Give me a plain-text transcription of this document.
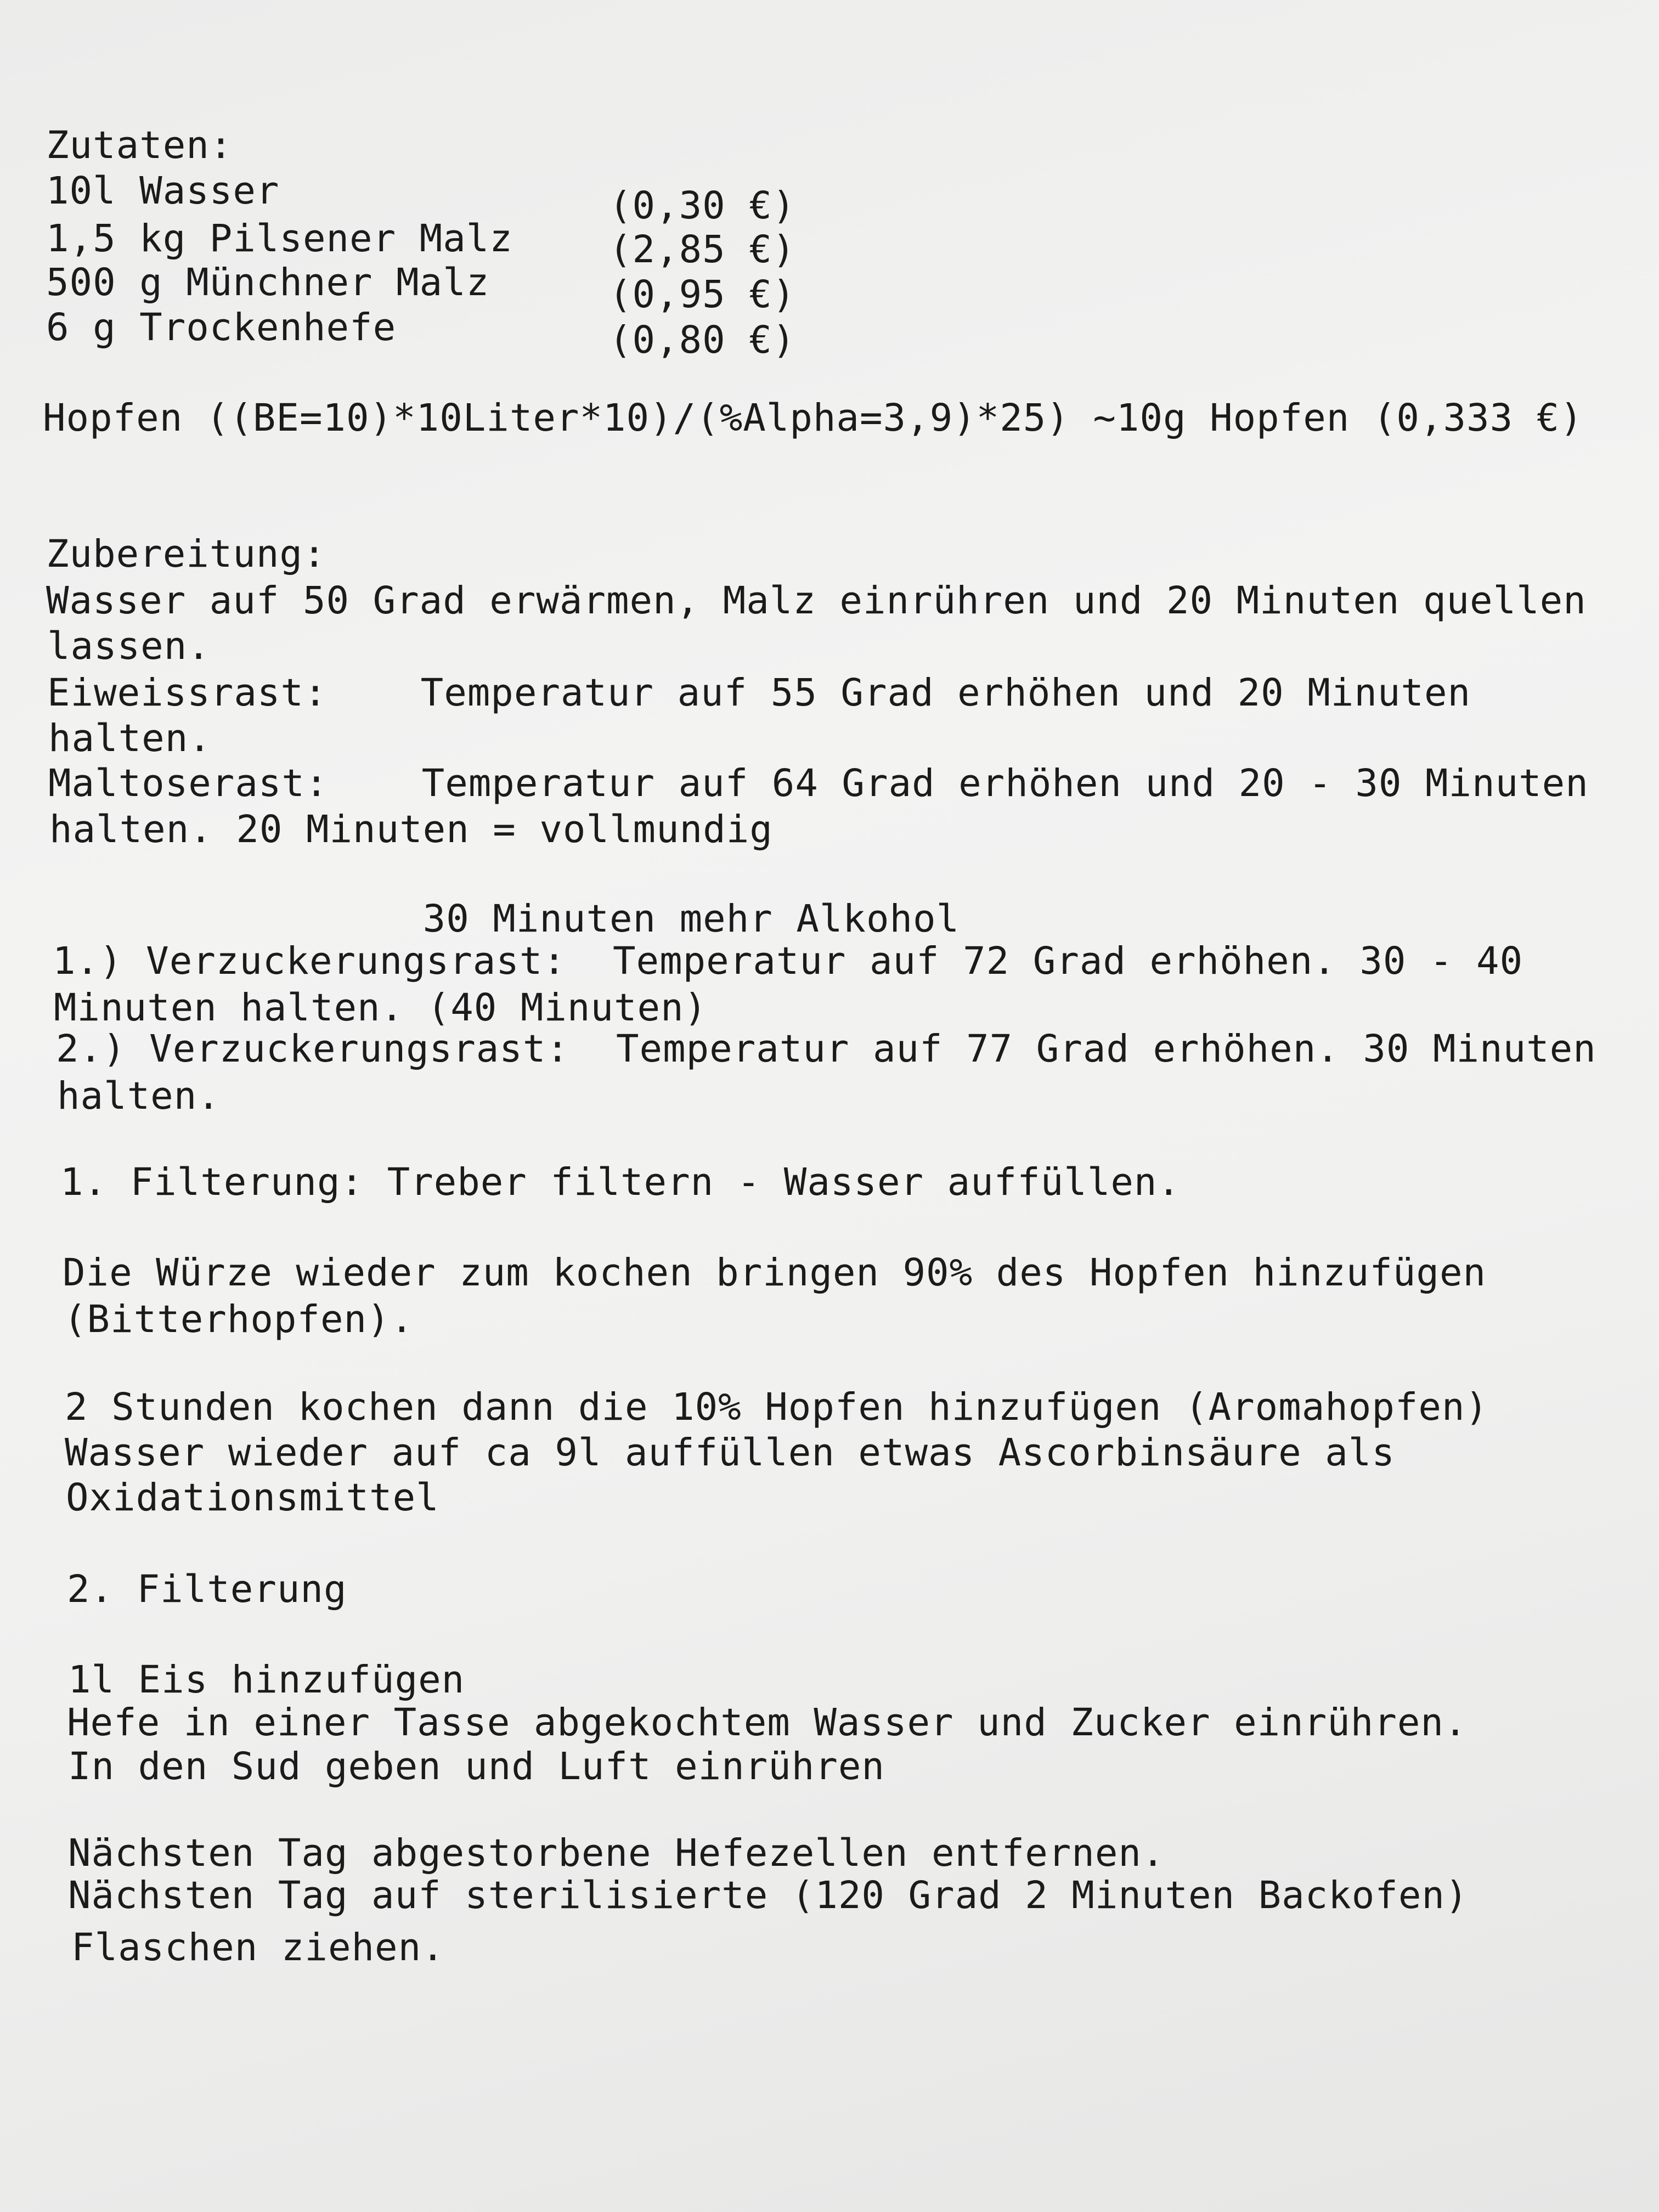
Zutaten:
10l Wasser	(0,30 €)
1,5 kg Pilsener Malz	(2,85 €)
500 g Münchner Malz	(0,95 €)
6 g Trockenhefe	(0,80 €)
Hopfen ((BE=10)*10Liter*10)/(%Alpha=3,9)*25) ~10g Hopfen (0,333 €)
Zubereitung:
Wasser auf 50 Grad erwärmen, Malz einrühren und 20 Minuten quellen
lassen.
Eiweissrast:    Temperatur auf 55 Grad erhöhen und 20 Minuten
halten.
Maltoserast:    Temperatur auf 64 Grad erhöhen und 20 - 30 Minuten
halten. 20 Minuten = vollmundig
30 Minuten mehr Alkohol
1.) Verzuckerungsrast:  Temperatur auf 72 Grad erhöhen. 30 - 40
Minuten halten. (40 Minuten)
2.) Verzuckerungsrast:  Temperatur auf 77 Grad erhöhen. 30 Minuten
halten.
1. Filterung: Treber filtern - Wasser auffüllen.
Die Würze wieder zum kochen bringen 90% des Hopfen hinzufügen
(Bitterhopfen).
2 Stunden kochen dann die 10% Hopfen hinzufügen (Aromahopfen)
Wasser wieder auf ca 9l auffüllen etwas Ascorbinsäure als
Oxidationsmittel
2. Filterung
1l Eis hinzufügen
Hefe in einer Tasse abgekochtem Wasser und Zucker einrühren.
In den Sud geben und Luft einrühren
Nächsten Tag abgestorbene Hefezellen entfernen.
Nächsten Tag auf sterilisierte (120 Grad 2 Minuten Backofen)
Flaschen ziehen.
